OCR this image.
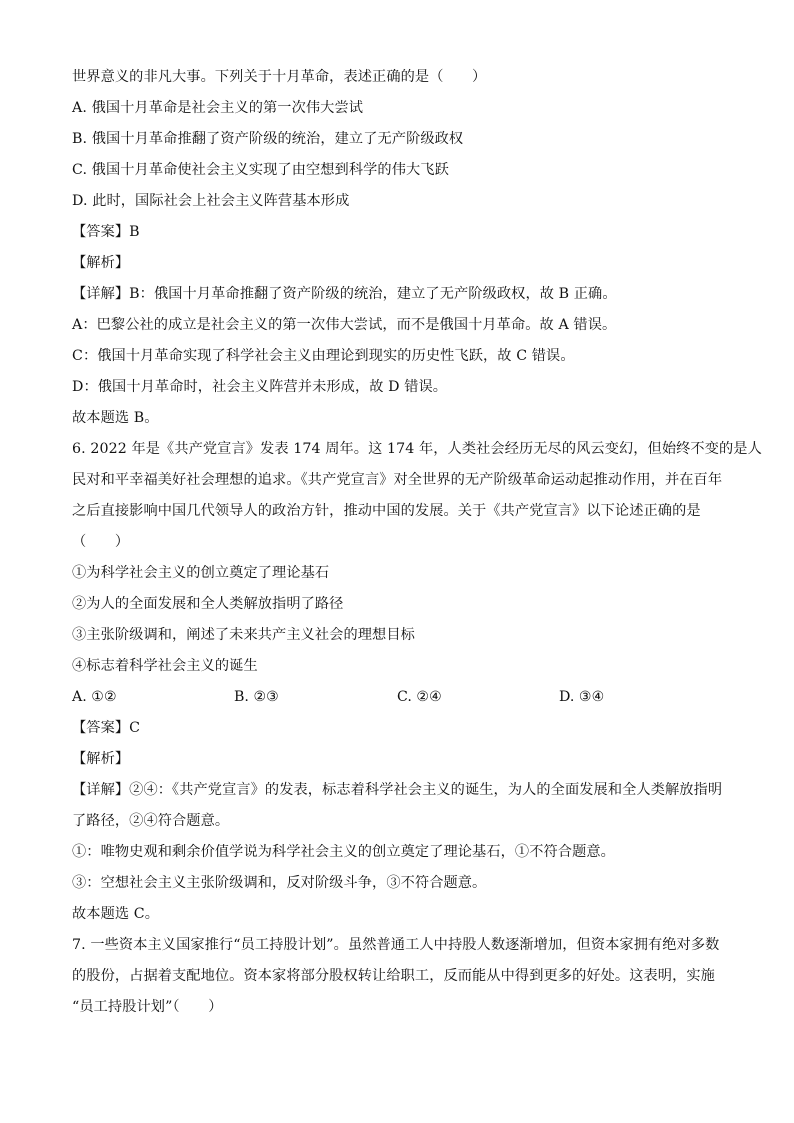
世界意义的非凡大事。下列关于十月革命，表述正确的是（　　）
A. 俄国十月革命是社会主义的第一次伟大尝试
B. 俄国十月革命推翻了资产阶级的统治，建立了无产阶级政权
C. 俄国十月革命使社会主义实现了由空想到科学的伟大飞跃
D. 此时，国际社会上社会主义阵营基本形成
【答案】B
【解析】
【详解】B：俄国十月革命推翻了资产阶级的统治，建立了无产阶级政权，故 B 正确。
A：巴黎公社的成立是社会主义的第一次伟大尝试，而不是俄国十月革命。故 A 错误。
C：俄国十月革命实现了科学社会主义由理论到现实的历史性飞跃，故 C 错误。
D：俄国十月革命时，社会主义阵营并未形成，故 D 错误。
故本题选 B。
6. 2022 年是《共产党宣言》发表 174 周年。这 174 年，人类社会经历无尽的风云变幻，但始终不变的是人
民对和平幸福美好社会理想的追求。《共产党宣言》对全世界的无产阶级革命运动起推动作用，并在百年
之后直接影响中国几代领导人的政治方针，推动中国的发展。关于《共产党宣言》以下论述正确的是
（　　）
①为科学社会主义的创立奠定了理论基石
②为人的全面发展和全人类解放指明了路径
③主张阶级调和，阐述了未来共产主义社会的理想目标
④标志着科学社会主义的诞生
A. ①②	B. ②③	C. ②④	D. ③④
【答案】C
【解析】
【详解】②④：《共产党宣言》的发表，标志着科学社会主义的诞生，为人的全面发展和全人类解放指明
了路径，②④符合题意。
①：唯物史观和剩余价值学说为科学社会主义的创立奠定了理论基石，①不符合题意。
③：空想社会主义主张阶级调和，反对阶级斗争，③不符合题意。
故本题选 C。
7. 一些资本主义国家推行“员工持股计划”。虽然普通工人中持股人数逐渐增加，但资本家拥有绝对多数
的股份，占据着支配地位。资本家将部分股权转让给职工，反而能从中得到更多的好处。这表明，实施
“员工持股计划”（　　）
